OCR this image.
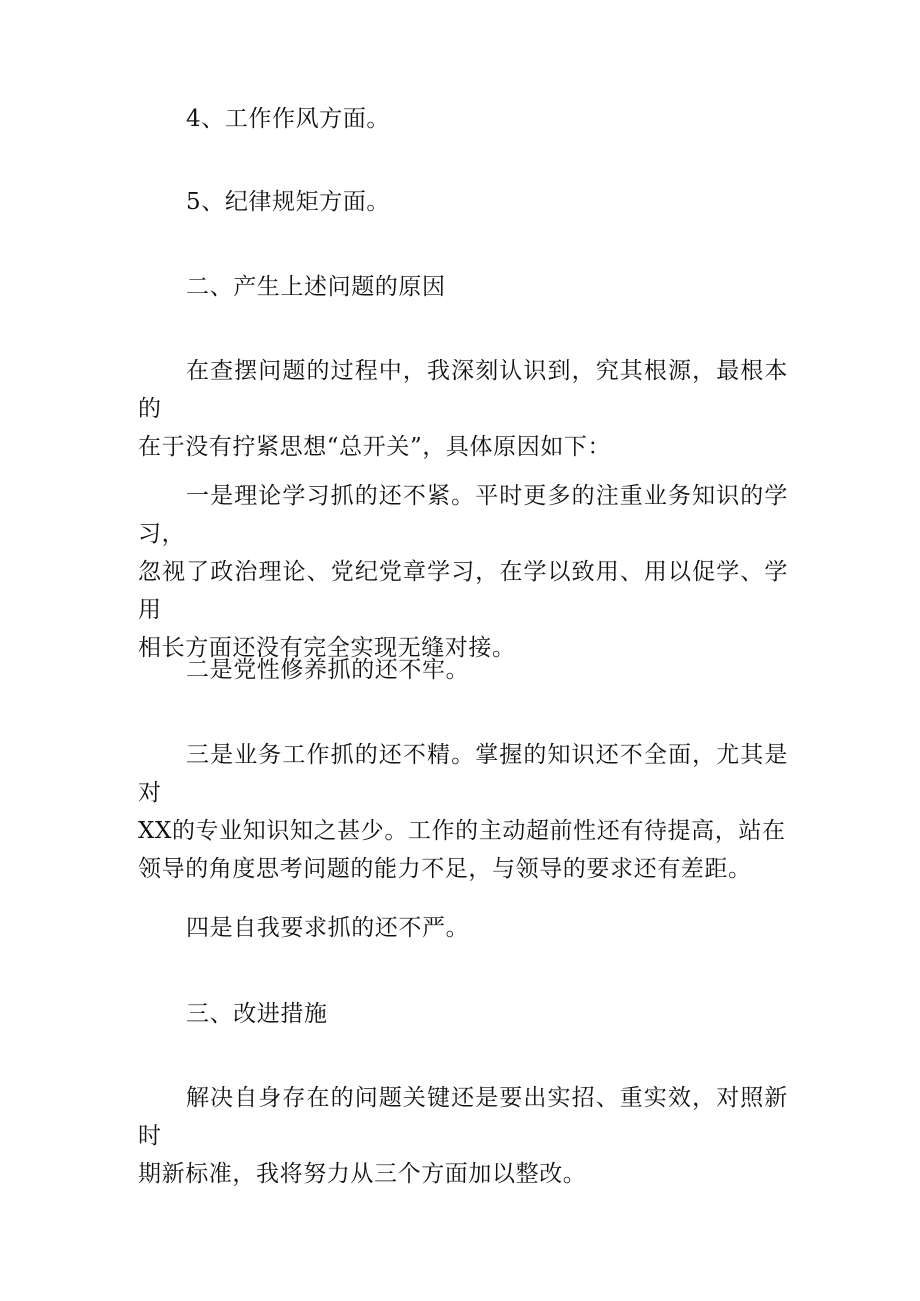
4、工作作风方面。

5、纪律规矩方面。

二、产生上述问题的原因

在查摆问题的过程中，我深刻认识到，究其根源，最根本的
在于没有拧紧思想“总开关”，具体原因如下：

一是理论学习抓的还不紧。平时更多的注重业务知识的学习，
忽视了政治理论、党纪党章学习，在学以致用、用以促学、学用
相长方面还没有完全实现无缝对接。

二是党性修养抓的还不牢。

三是业务工作抓的还不精。掌握的知识还不全面，尤其是对
XX的专业知识知之甚少。工作的主动超前性还有待提高，站在
领导的角度思考问题的能力不足，与领导的要求还有差距。

四是自我要求抓的还不严。

三、改进措施

解决自身存在的问题关键还是要出实招、重实效，对照新时
期新标准，我将努力从三个方面加以整改。
